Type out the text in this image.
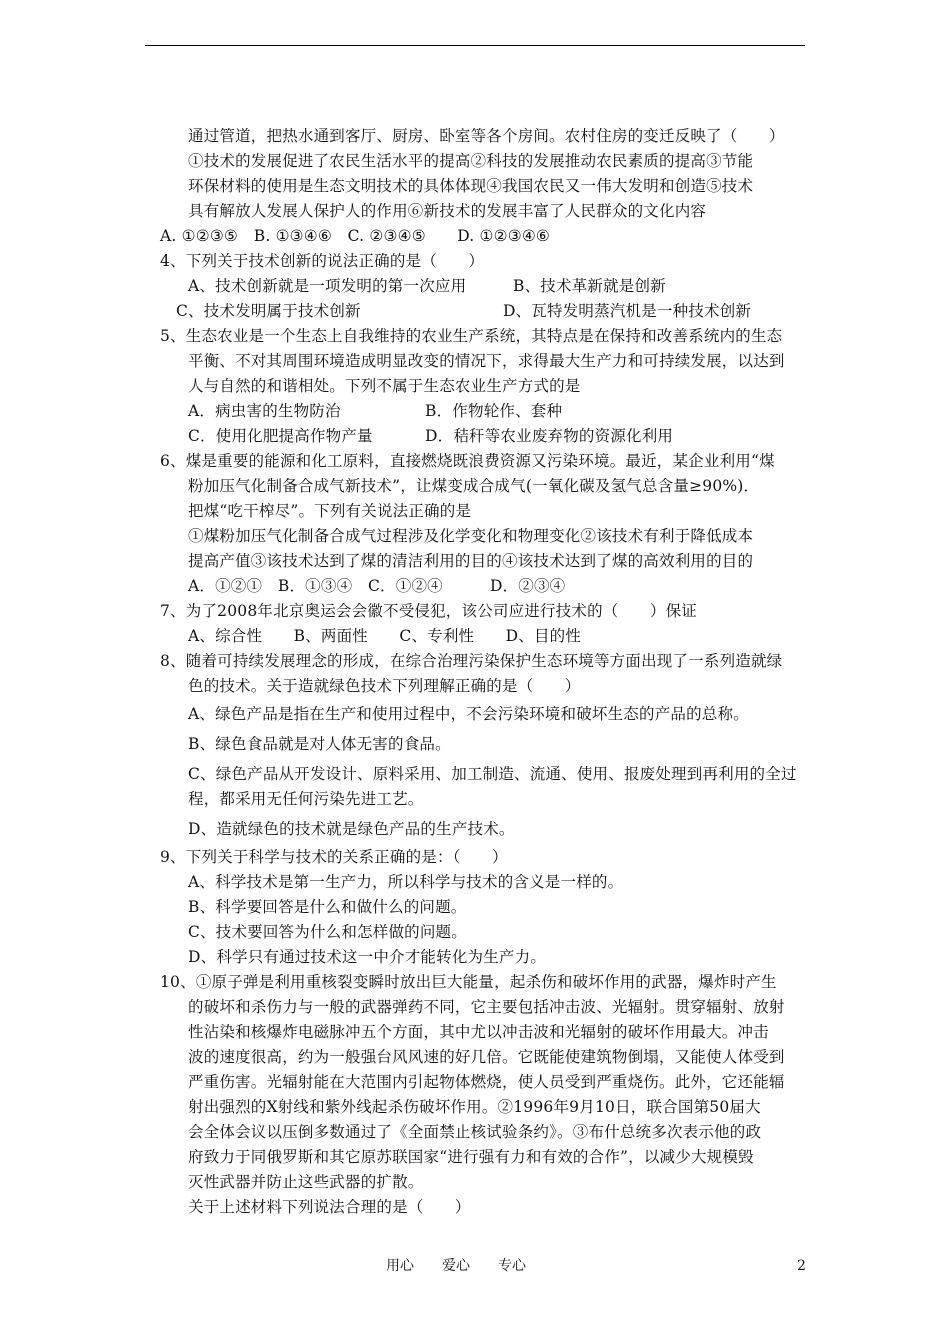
通过管道，把热水通到客厅、厨房、卧室等各个房间。农村住房的变迁反映了（　　）
①技术的发展促进了农民生活水平的提高②科技的发展推动农民素质的提高③节能
环保材料的使用是生态文明技术的具体体现④我国农民又一伟大发明和创造⑤技术
具有解放人发展人保护人的作用⑥新技术的发展丰富了人民群众的文化内容
A. ①②③⑤　B. ①③④⑥　C. ②③④⑤　　D. ①②③④⑥
4、下列关于技术创新的说法正确的是（　　）
A、技术创新就是一项发明的第一次应用	B、技术革新就是创新
C、技术发明属于技术创新	D、瓦特发明蒸汽机是一种技术创新
5、生态农业是一个生态上自我维持的农业生产系统，其特点是在保持和改善系统内的生态
平衡、不对其周围环境造成明显改变的情况下，求得最大生产力和可持续发展，以达到
人与自然的和谐相处。下列不属于生态农业生产方式的是
A．病虫害的生物防治	B．作物轮作、套种
C．使用化肥提高作物产量	D．秸秆等农业废弃物的资源化利用
6、煤是重要的能源和化工原料，直接燃烧既浪费资源又污染环境。最近，某企业利用“煤
粉加压气化制备合成气新技术”，让煤变成合成气(一氧化碳及氢气总含量≥90%)．
把煤“吃干榨尽”。下列有关说法正确的是
①煤粉加压气化制备合成气过程涉及化学变化和物理变化②该技术有利于降低成本
提高产值③该技术达到了煤的清洁利用的目的④该技术达到了煤的高效利用的目的
A．①②①　B．①③④　C．①②④　　　D．②③④
7、为了2008年北京奥运会会徽不受侵犯，该公司应进行技术的（　　）保证
A、综合性　　B、两面性　　C、专利性　　D、目的性
8、随着可持续发展理念的形成，在综合治理污染保护生态环境等方面出现了一系列造就绿
色的技术。关于造就绿色技术下列理解正确的是（　　）
A、绿色产品是指在生产和使用过程中，不会污染环境和破坏生态的产品的总称。
B、绿色食品就是对人体无害的食品。
C、绿色产品从开发设计、原料采用、加工制造、流通、使用、报废处理到再利用的全过
程，都采用无任何污染先进工艺。
D、造就绿色的技术就是绿色产品的生产技术。
9、下列关于科学与技术的关系正确的是：（　　）
A、科学技术是第一生产力，所以科学与技术的含义是一样的。
B、科学要回答是什么和做什么的问题。
C、技术要回答为什么和怎样做的问题。
D、科学只有通过技术这一中介才能转化为生产力。
10、①原子弹是利用重核裂变瞬时放出巨大能量，起杀伤和破坏作用的武器，爆炸时产生
的破坏和杀伤力与一般的武器弹药不同，它主要包括冲击波、光辐射。贯穿辐射、放射
性沾染和核爆炸电磁脉冲五个方面，其中尤以冲击波和光辐射的破坏作用最大。冲击
波的速度很高，约为一般强台风风速的好几倍。它既能使建筑物倒塌，又能使人体受到
严重伤害。光辐射能在大范围内引起物体燃烧，使人员受到严重烧伤。此外，它还能辐
射出强烈的X射线和紫外线起杀伤破坏作用。②1996年9月10日，联合国第50届大
会全体会议以压倒多数通过了《全面禁止核试验条约》。③布什总统多次表示他的政
府致力于同俄罗斯和其它原苏联国家“进行强有力和有效的合作”，以减少大规模毁
灭性武器并防止这些武器的扩散。
关于上述材料下列说法合理的是（　　）
用心　　爱心　　专心	2
